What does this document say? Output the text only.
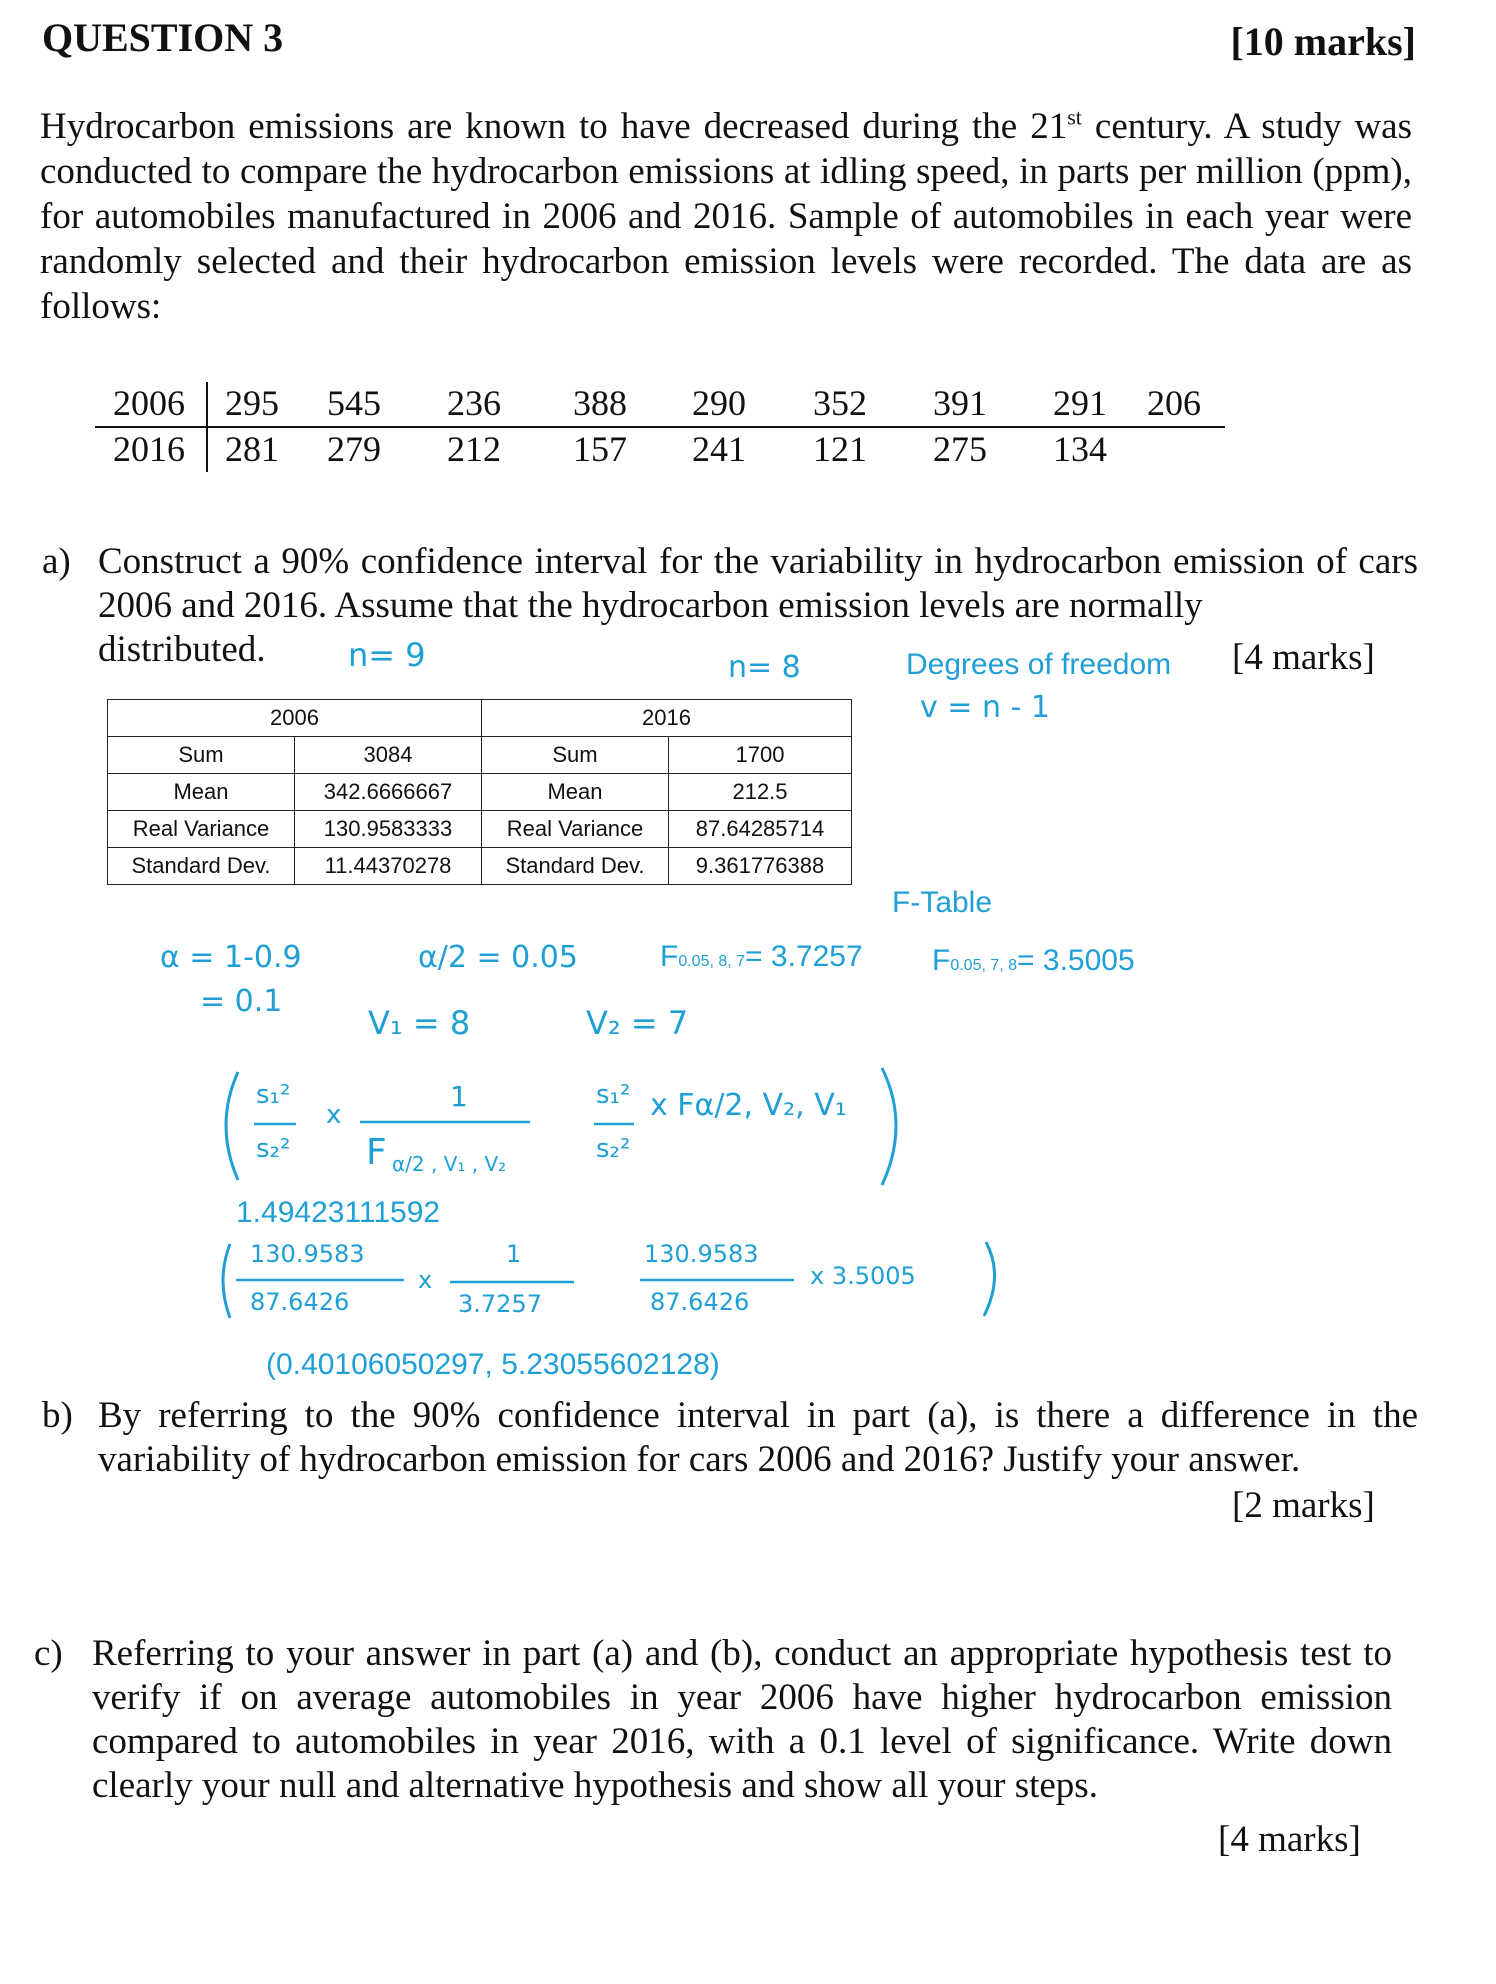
QUESTION 3	[10 marks]
Hydrocarbon emissions are known to have decreased during the 21st century. A study was conducted to compare the hydrocarbon emissions at idling speed, in parts per million (ppm), for automobiles manufactured in 2006 and 2016. Sample of automobiles in each year were randomly selected and their hydrocarbon emission levels were recorded. The data are as follows:
2006 295 545 236 388 290 352 391 291 206
2016 281 279 212 157 241 121 275 134
a) Construct a 90% confidence interval for the variability in hydrocarbon emission of cars 2006 and 2016. Assume that the hydrocarbon emission levels are normally
distributed.	[4 marks]
n= 9	n= 8	Degrees of freedom
v = n - 1
2006		2016	
Sum	3084	Sum	1700
Mean	342.6666667	Mean	212.5
Real Variance	130.9583333	Real Variance	87.64285714
Standard Dev.	11.44370278	Standard Dev.	9.361776388
F-Table
F0.05, 8, 7= 3.7257 F0.05, 7, 8= 3.5005
α = 1-0.9
= 0.1
α/2 = 0.05
V₁ = 8	V₂ = 7
s₁²
s₂²
x
1
F α/2 , V₁ , V₂
s₁²
s₂²
x Fα/2, V₂, V₁
1.49423111592
130.9583
87.6426
x
1
3.7257
130.9583
87.6426
x 3.5005
(0.40106050297, 5.23055602128)
b) By referring to the 90% confidence interval in part (a), is there a difference in the variability of hydrocarbon emission for cars 2006 and 2016? Justify your answer.
[2 marks]
c) Referring to your answer in part (a) and (b), conduct an appropriate hypothesis test to verify if on average automobiles in year 2006 have higher hydrocarbon emission compared to automobiles in year 2016, with a 0.1 level of significance. Write down clearly your null and alternative hypothesis and show all your steps.
[4 marks]
